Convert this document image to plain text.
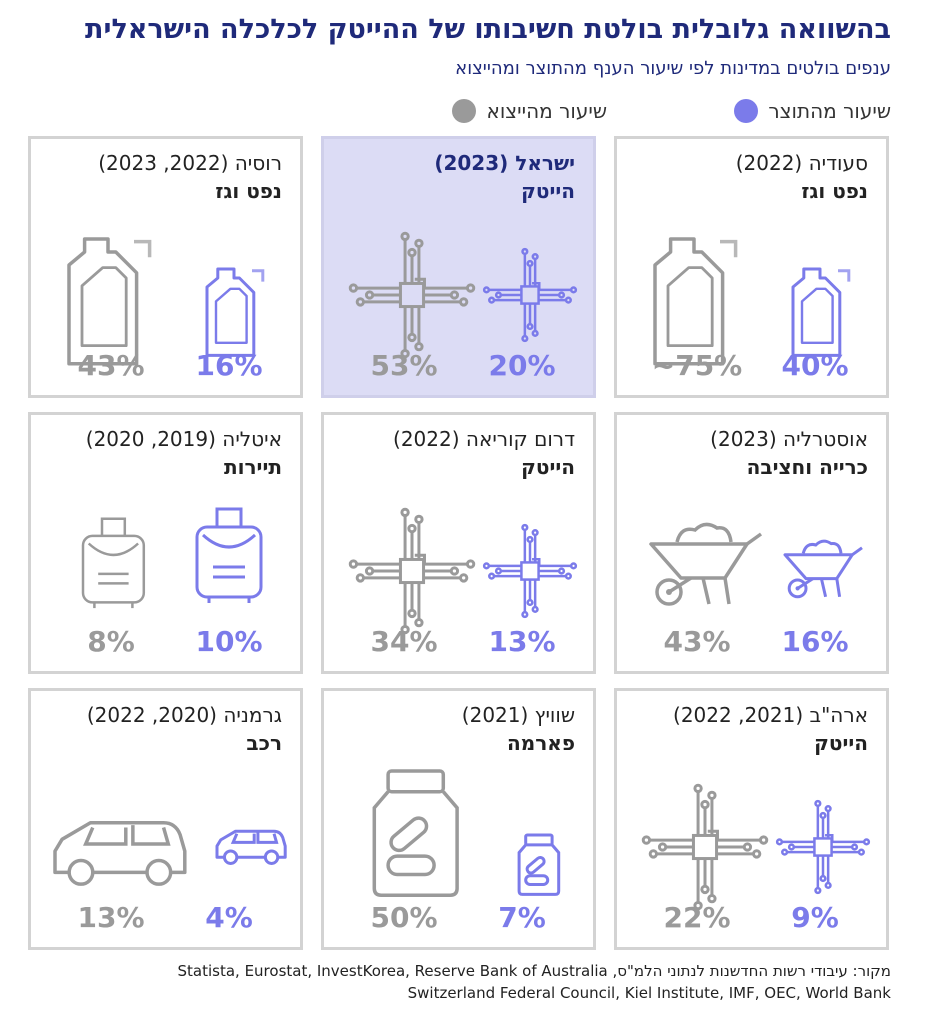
בהשוואה גלובלית בולטת חשיבותו של ההייטק לכלכלה הישראלית
ענפים בולטים במדינות לפי שיעור הענף מהתוצר ומהייצוא
שיעור מהתוצר
שיעור מהייצוא
סעודיה (2022)
נפט וגז
~75%	40%
ישראל (2023)
הייטק
53%	20%
רוסיה (2022, 2023)
נפט וגז
43%	16%
אוסטרליה (2023)
כרייה וחציבה
43%	16%
דרום קוריאה (2022)
הייטק
34%	13%
איטליה (2019, 2020)
תיירות
8%	10%
ארה"ב (2021, 2022)
הייטק
22%	9%
שוויץ (2021)
פארמה
50%	7%
גרמניה (2020, 2022)
רכב
13%	4%
מקור: עיבודי רשות החדשנות לנתוני הלמ"ס, Statista, Eurostat, InvestKorea, Reserve Bank of Australia
Switzerland Federal Council, Kiel Institute, IMF, OEC, World Bank
